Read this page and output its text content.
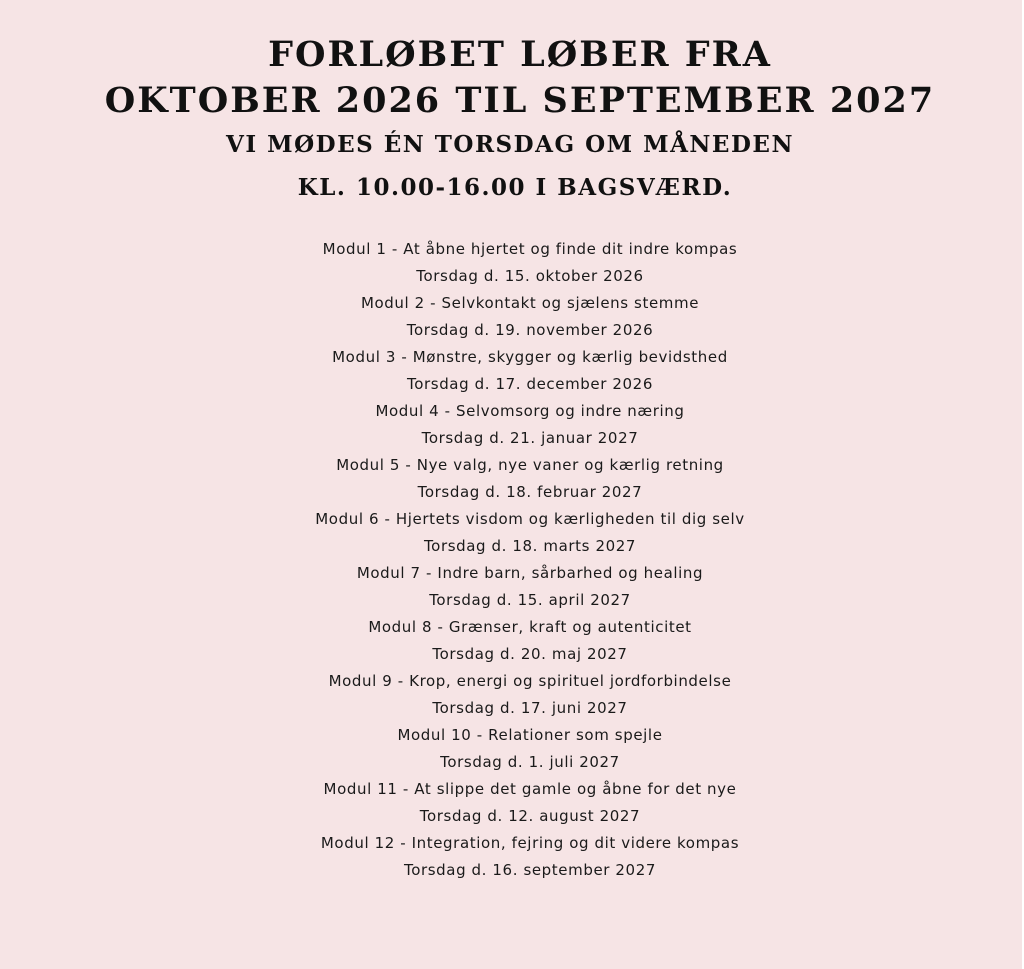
FORLØBET LØBER FRA
OKTOBER 2026 TIL SEPTEMBER 2027
VI MØDES ÉN TORSDAG OM MÅNEDEN
KL. 10.00-16.00 I BAGSVÆRD.
Modul 1 - At åbne hjertet og finde dit indre kompas
Torsdag d. 15. oktober 2026
Modul 2 - Selvkontakt og sjælens stemme
Torsdag d. 19. november 2026
Modul 3 - Mønstre, skygger og kærlig bevidsthed
Torsdag d. 17. december 2026
Modul 4 - Selvomsorg og indre næring
Torsdag d. 21. januar 2027
Modul 5 - Nye valg, nye vaner og kærlig retning
Torsdag d. 18. februar 2027
Modul 6 - Hjertets visdom og kærligheden til dig selv
Torsdag d. 18. marts 2027
Modul 7 - Indre barn, sårbarhed og healing
Torsdag d. 15. april 2027
Modul 8 - Grænser, kraft og autenticitet
Torsdag d. 20. maj 2027
Modul 9 - Krop, energi og spirituel jordforbindelse
Torsdag d. 17. juni 2027
Modul 10 - Relationer som spejle
Torsdag d. 1. juli 2027
Modul 11 - At slippe det gamle og åbne for det nye
Torsdag d. 12. august 2027
Modul 12 - Integration, fejring og dit videre kompas
Torsdag d. 16. september 2027
